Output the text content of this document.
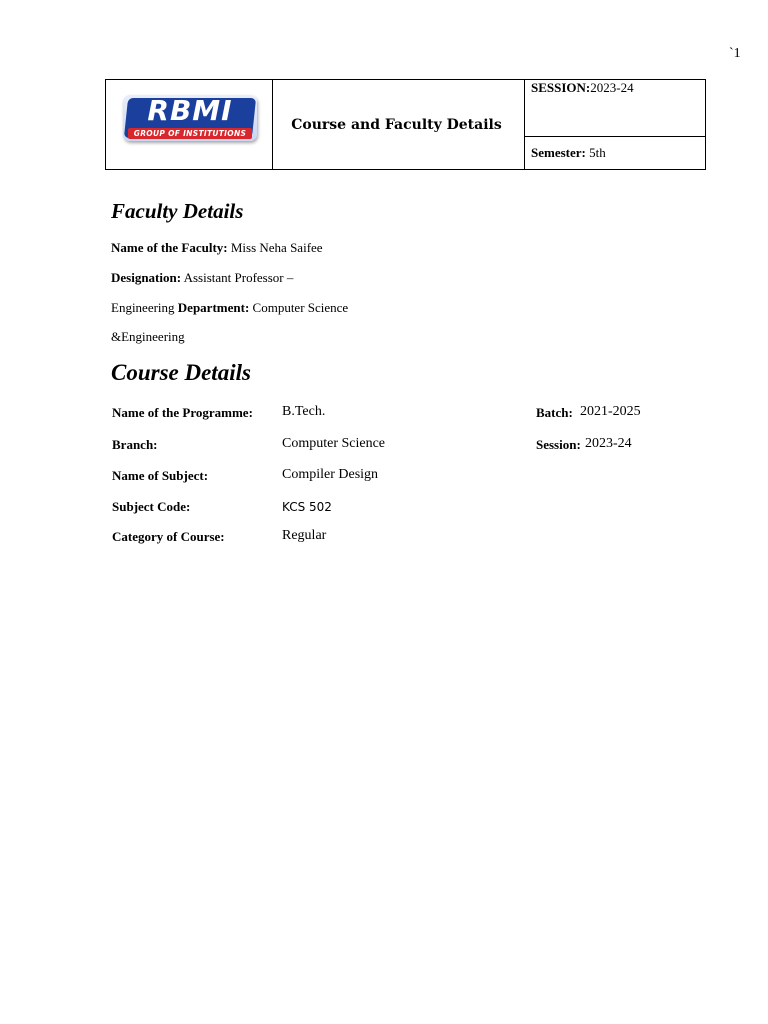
`1
RBMI
GROUP OF INSTITUTIONS
	Course and Faculty Details	SESSION:2023-24
Semester: 5th
Faculty Details
Name of the Faculty: Miss Neha Saifee
Designation: Assistant Professor –
Engineering Department: Computer Science
&Engineering
Course Details
Name of the Programme: B.Tech.	Batch: 2021-2025
Branch:	Computer Science	Session: 2023-24
Name of Subject:	Compiler Design
Subject Code:	KCS 502
Category of Course:	Regular
